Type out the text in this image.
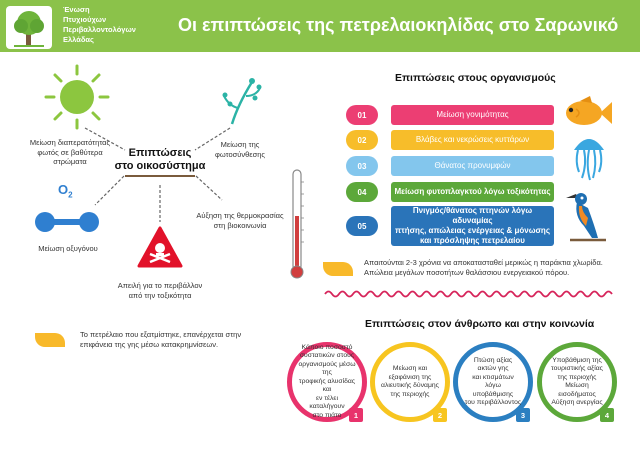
Ένωση
Πτυχιούχων
Περιβαλλοντολόγων
Ελλάδας
Οι επιπτώσεις της πετρελαιοκηλίδας στο Σαρωνικό
Μείωση διαπερατότητας
φωτός σε βαθύτερα
στρώματα
Μείωση της
φωτοσύνθεσης
Επιπτώσεις
στο οικοσύστημα
$O_2$
Μείωση οξυγόνου
Αύξηση της θερμοκρασίας
στη βιοκοινωνία
Απειλή για το περιβάλλον
από την τοξικότητα
Το πετρέλαιο που εξατμίστηκε, επανέρχεται στην
επιφάνεια της γης μέσω κατακρημνίσεων.
Επιπτώσεις στους οργανισμούς
01	Μείωση γονιμότητας
02	Βλάβες και νεκρώσεις κυττάρων
03	Θάνατος προνυμφών
04	Μείωση φυτοπλαγκτού λόγω τοξικότητας
05
Πνιγμός/θάνατος πτηνών λόγω αδυναμίας
πτήσης, απώλειας ενέργειας & μόνωσης
και πρόσληψης πετρελαίου
Απαιτούνται 2-3 χρόνια να αποκατασταθεί μερικώς η παράκτια χλωρίδα.
Απώλεια μεγάλων ποσοτήτων θαλάσσιου ενεργειακού πόρου.
Επιπτώσεις στον άνθρωπο και στην κοινωνία
Κάποιο ποσοστό
συστατικών στους
οργανισμούς μέσω της
τροφικής αλυσίδας και
εν τέλει καταλήγουν
στο πιάτο	1
Μείωση και
εξαφάνιση της
αλιευτικής δύναμης
της περιοχής
2
Πτώση αξίας
ακτών γης
και κτισμάτων
λόγω υποβάθμισης
του περιβάλλοντος
3
Υποβάθμιση της
τουριστικής αξίας
της περιοχής
Μείωση εισοδήματος
Αύξηση ανεργίας
4
